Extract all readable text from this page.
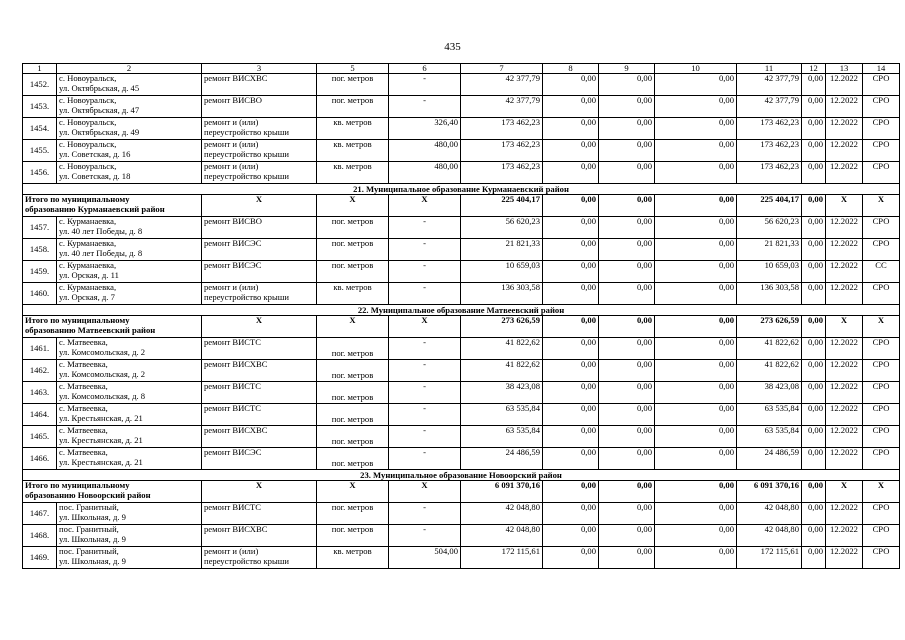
435
1	2	3	5	6	7	8	9	10	11	12	13	14
1452.	с. Новоуральск,
ул. Октябрьская, д. 45	ремонт ВИСХВС	пог. метров	-	42 377,79	0,00	0,00	0,00	42 377,79	0,00	12.2022	СРО
1453.	с. Новоуральск,
ул. Октябрьская, д. 47	ремонт ВИСВО	пог. метров	-	42 377,79	0,00	0,00	0,00	42 377,79	0,00	12.2022	СРО
1454.	с. Новоуральск,
ул. Октябрьская, д. 49	ремонт и (или)
переустройство крыши	кв. метров	326,40	173 462,23	0,00	0,00	0,00	173 462,23	0,00	12.2022	СРО
1455.	с. Новоуральск,
ул. Советская, д. 16	ремонт и (или)
переустройство крыши	кв. метров	480,00	173 462,23	0,00	0,00	0,00	173 462,23	0,00	12.2022	СРО
1456.	с. Новоуральск,
ул. Советская, д. 18	ремонт и (или)
переустройство крыши	кв. метров	480,00	173 462,23	0,00	0,00	0,00	173 462,23	0,00	12.2022	СРО
21. Муниципальное образование Курманаевский район												

Итого по муниципальному
образованию Курманаевский район		X	X	X	225 404,17	0,00	0,00	0,00	225 404,17	0,00	X	X
1457.	с. Курманаевка,
ул. 40 лет Победы, д. 8	ремонт ВИСВО	пог. метров	-	56 620,23	0,00	0,00	0,00	56 620,23	0,00	12.2022	СРО
1458.	с. Курманаевка,
ул. 40 лет Победы, д. 8	ремонт ВИСЭС	пог. метров	-	21 821,33	0,00	0,00	0,00	21 821,33	0,00	12.2022	СРО
1459.	с. Курманаевка,
ул. Орская, д. 11	ремонт ВИСЭС	пог. метров	-	10 659,03	0,00	0,00	0,00	10 659,03	0,00	12.2022	СС
1460.	с. Курманаевка,
ул. Орская, д. 7	ремонт и (или)
переустройство крыши	кв. метров	-	136 303,58	0,00	0,00	0,00	136 303,58	0,00	12.2022	СРО
22. Муниципальное образование Матвеевский район												

Итого по муниципальному
образованию Матвеевский район		X	X	X	273 626,59	0,00	0,00	0,00	273 626,59	0,00	X	X
1461.	с. Матвеевка,
ул. Комсомольская, д. 2	ремонт ВИСТС	пог. метров	-	41 822,62	0,00	0,00	0,00	41 822,62	0,00	12.2022	СРО
1462.	с. Матвеевка,
ул. Комсомольская, д. 2	ремонт ВИСХВС	пог. метров	-	41 822,62	0,00	0,00	0,00	41 822,62	0,00	12.2022	СРО
1463.	с. Матвеевка,
ул. Комсомольская, д. 8	ремонт ВИСТС	пог. метров	-	38 423,08	0,00	0,00	0,00	38 423,08	0,00	12.2022	СРО
1464.	с. Матвеевка,
ул. Крестьянская, д. 21	ремонт ВИСТС	пог. метров	-	63 535,84	0,00	0,00	0,00	63 535,84	0,00	12.2022	СРО
1465.	с. Матвеевка,
ул. Крестьянская, д. 21	ремонт ВИСХВС	пог. метров	-	63 535,84	0,00	0,00	0,00	63 535,84	0,00	12.2022	СРО
1466.	с. Матвеевка,
ул. Крестьянская, д. 21	ремонт ВИСЭС	пог. метров	-	24 486,59	0,00	0,00	0,00	24 486,59	0,00	12.2022	СРО
23. Муниципальное образование Новоорский район												

Итого по муниципальному
образованию Новоорский район		X	X	X	6 091 370,16	0,00	0,00	0,00	6 091 370,16	0,00	X	X
1467.	пос. Гранитный,
ул. Школьная, д. 9	ремонт ВИСТС	пог. метров	-	42 048,80	0,00	0,00	0,00	42 048,80	0,00	12.2022	СРО
1468.	пос. Гранитный,
ул. Школьная, д. 9	ремонт ВИСХВС	пог. метров	-	42 048,80	0,00	0,00	0,00	42 048,80	0,00	12.2022	СРО
1469.	пос. Гранитный,
ул. Школьная, д. 9	ремонт и (или)
переустройство крыши	кв. метров	504,00	172 115,61	0,00	0,00	0,00	172 115,61	0,00	12.2022	СРО
